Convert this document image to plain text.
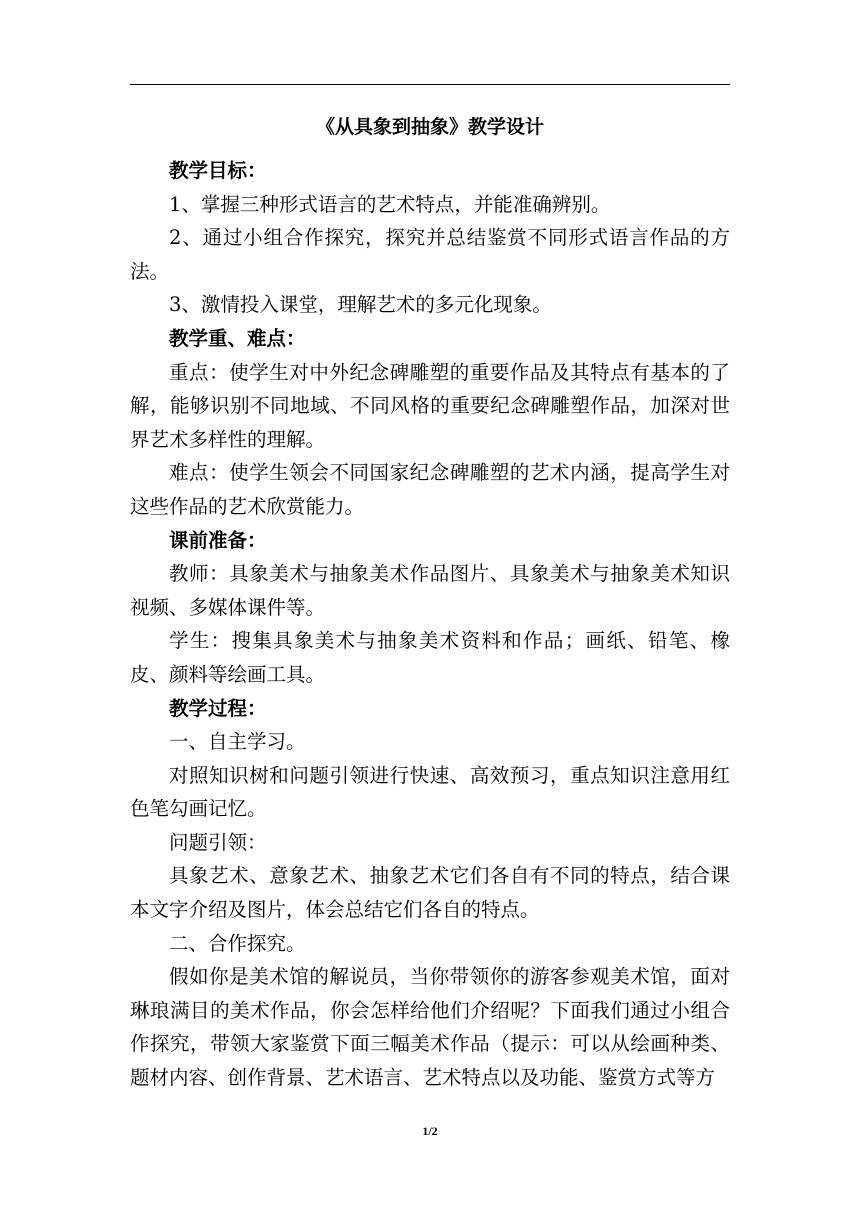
《从具象到抽象》教学设计

教学目标：

1、掌握三种形式语言的艺术特点，并能准确辨别。

2、通过小组合作探究，探究并总结鉴赏不同形式语言作品的方法。

3、激情投入课堂，理解艺术的多元化现象。

教学重、难点：

重点：使学生对中外纪念碑雕塑的重要作品及其特点有基本的了解，能够识别不同地域、不同风格的重要纪念碑雕塑作品，加深对世界艺术多样性的理解。

难点：使学生领会不同国家纪念碑雕塑的艺术内涵，提高学生对这些作品的艺术欣赏能力。

课前准备：

教师：具象美术与抽象美术作品图片、具象美术与抽象美术知识视频、多媒体课件等。

学生：搜集具象美术与抽象美术资料和作品；画纸、铅笔、橡皮、颜料等绘画工具。

教学过程：

一、自主学习。

对照知识树和问题引领进行快速、高效预习，重点知识注意用红色笔勾画记忆。

问题引领：

具象艺术、意象艺术、抽象艺术它们各自有不同的特点，结合课本文字介绍及图片，体会总结它们各自的特点。

二、合作探究。

假如你是美术馆的解说员，当你带领你的游客参观美术馆，面对琳琅满目的美术作品，你会怎样给他们介绍呢？下面我们通过小组合作探究，带领大家鉴赏下面三幅美术作品（提示：可以从绘画种类、题材内容、创作背景、艺术语言、艺术特点以及功能、鉴赏方式等方

1/2
